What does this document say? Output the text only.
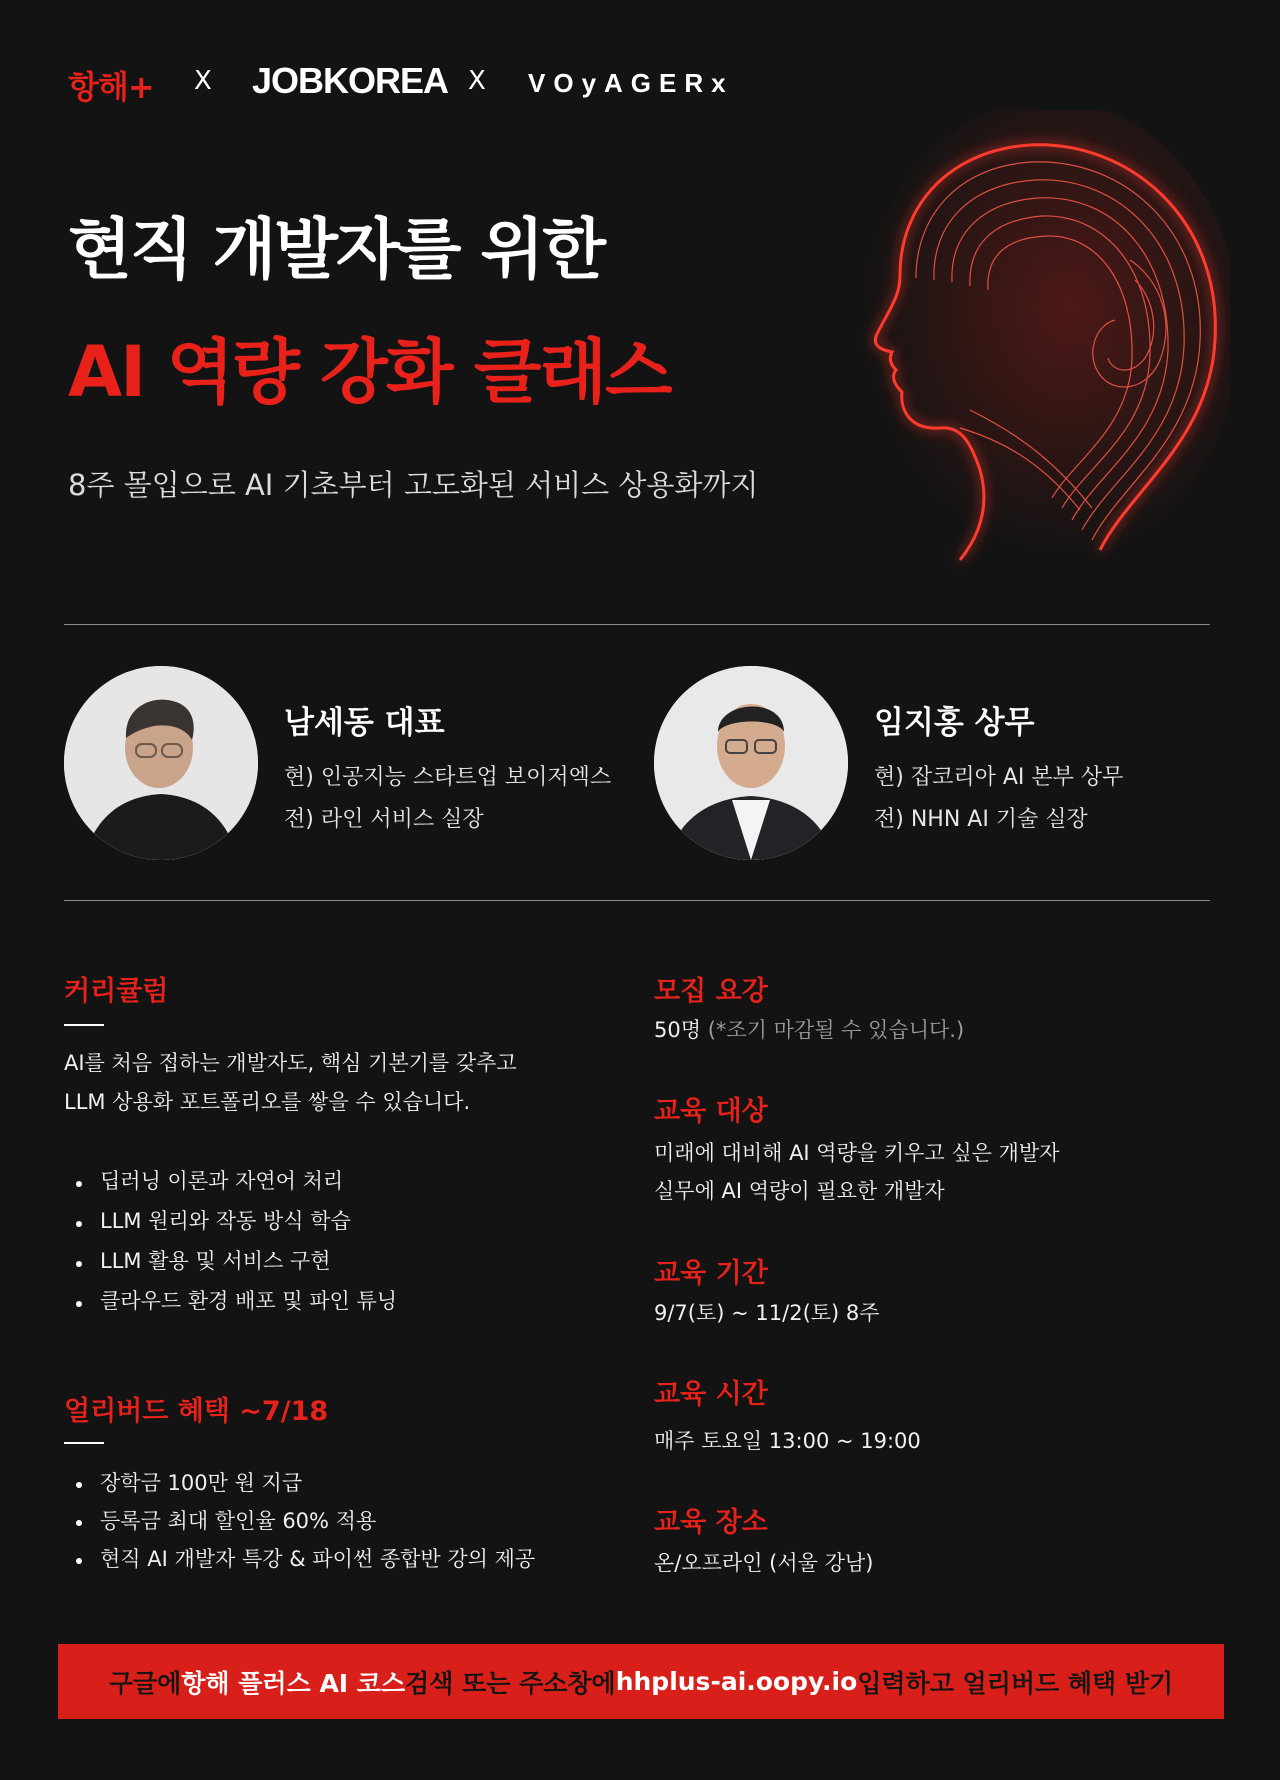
항해+ X JOBKOREA X VOyAGERx
현직 개발자를 위한
AI 역량 강화 클래스
8주 몰입으로 AI 기초부터 고도화된 서비스 상용화까지
남세동 대표
현) 인공지능 스타트업 보이저엑스
전) 라인 서비스 실장
임지홍 상무
현) 잡코리아 AI 본부 상무
전) NHN AI 기술 실장
커리큘럼
AI를 처음 접하는 개발자도, 핵심 기본기를 갖추고
LLM 상용화 포트폴리오를 쌓을 수 있습니다.
딥러닝 이론과 자연어 처리
LLM 원리와 작동 방식 학습
LLM 활용 및 서비스 구현
클라우드 환경 배포 및 파인 튜닝
얼리버드 혜택 ~7/18
장학금 100만 원 지급
등록금 최대 할인율 60% 적용
현직 AI 개발자 특강 & 파이썬 종합반 강의 제공
모집 요강
50명 (*조기 마감될 수 있습니다.)
교육 대상
미래에 대비해 AI 역량을 키우고 싶은 개발자
실무에 AI 역량이 필요한 개발자
교육 기간
9/7(토) ~ 11/2(토) 8주
교육 시간
매주 토요일 13:00 ~ 19:00
교육 장소
온/오프라인 (서울 강남)
구글에 항해 플러스 AI 코스 검색 또는 주소창에 hhplus-ai.oopy.io 입력하고 얼리버드 혜택 받기
